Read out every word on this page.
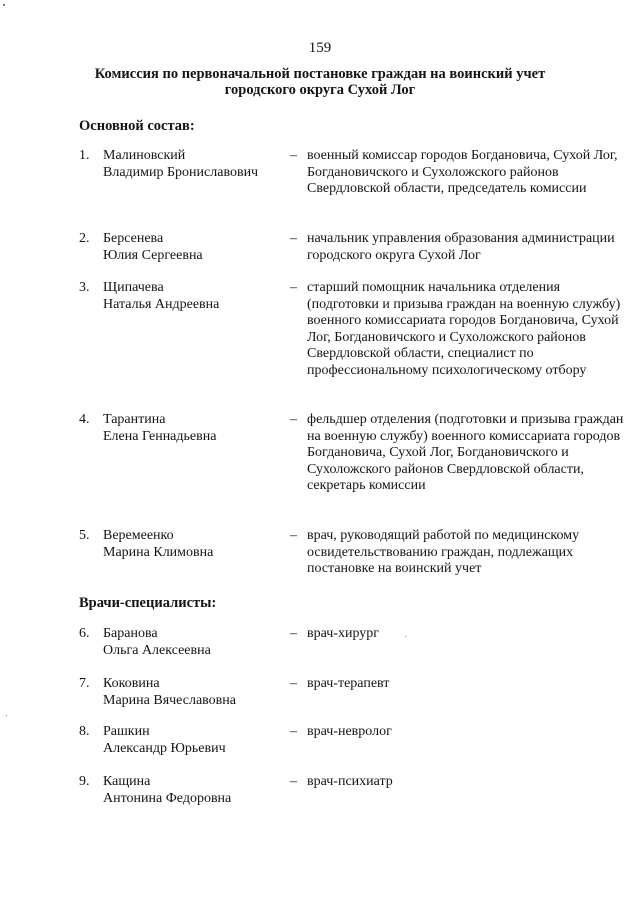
159
Комиссия по первоначальной постановке граждан на воинский учет
городского округа Сухой Лог
Основной состав:
1. Малиновский
Владимир Брониславович
– военный комиссар городов Богдановича, Сухой Лог, Богдановичского и Сухоложского районов Свердловской области, председатель комиссии
2. Берсенева
Юлия Сергеевна
– начальник управления образования администрации городского округа Сухой Лог
3. Щипачева
Наталья Андреевна
– старший помощник начальника отделения (подготовки и призыва граждан на военную службу) военного комиссариата городов Богдановича, Сухой Лог, Богдановичского и Сухоложского районов Свердловской области, специалист по профессиональному психологическому отбору
4. Тарантина
Елена Геннадьевна
– фельдшер отделения (подготовки и призыва граждан на военную службу) военного комиссариата городов Богдановича, Сухой Лог, Богдановичского и Сухоложского районов Свердловской области, секретарь комиссии
5. Веремеенко
Марина Климовна
– врач, руководящий работой по медицинскому освидетельствованию граждан, подлежащих постановке на воинский учет
Врачи-специалисты:
6. Баранова
Ольга Алексеевна
– врач-хирург
7. Коковина
Марина Вячеславовна
– врач-терапевт
8. Рашкин
Александр Юрьевич
– врач-невролог
9. Кащина
Антонина Федоровна
– врач-психиатр
